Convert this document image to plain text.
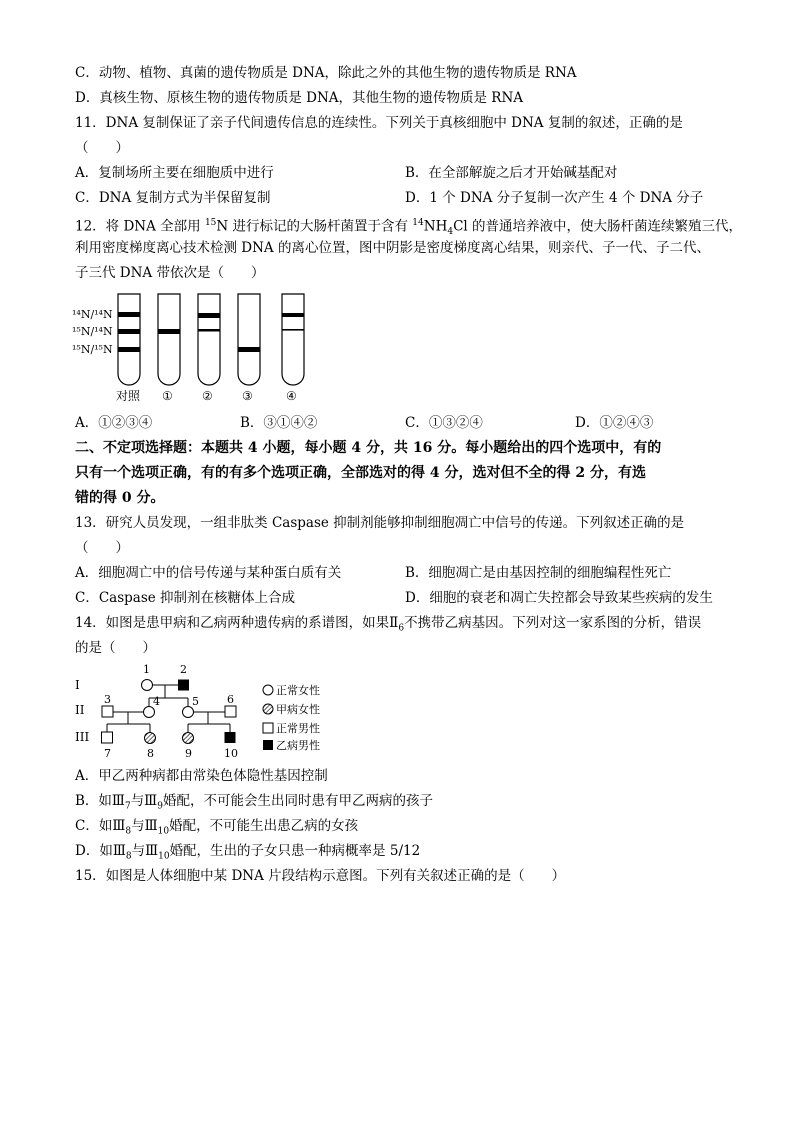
C．动物、植物、真菌的遗传物质是 DNA，除此之外的其他生物的遗传物质是 RNA
D．真核生物、原核生物的遗传物质是 DNA，其他生物的遗传物质是 RNA
11．DNA 复制保证了亲子代间遗传信息的连续性。下列关于真核细胞中 DNA 复制的叙述，正确的是
（　　）
A．复制场所主要在细胞质中进行	B．在全部解旋之后才开始碱基配对
C．DNA 复制方式为半保留复制	D．1 个 DNA 分子复制一次产生 4 个 DNA 分子
12．将 DNA 全部用 $^{15}$N 进行标记的大肠杆菌置于含有 $^{14}NH_4Cl$ 的普通培养液中，使大肠杆菌连续繁殖三代，
利用密度梯度离心技术检测 DNA 的离心位置，图中阴影是密度梯度离心结果，则亲代、子一代、子二代、
子三代 DNA 带依次是（　　）
¹⁴N/¹⁴N
¹⁵N/¹⁴N
¹⁵N/¹⁵N
对照 ① ② ③	④
A．①②③④	B．③①④②	C．①③②④	D．①②④③
二、不定项选择题：本题共 4 小题，每小题 4 分，共 16 分。每小题给出的四个选项中，有的
只有一个选项正确，有的有多个选项正确，全部选对的得 4 分，选对但不全的得 2 分，有选
错的得 0 分。
13．研究人员发现，一组非肽类 Caspase 抑制剂能够抑制细胞凋亡中信号的传递。下列叙述正确的是
（　　）
A．细胞凋亡中的信号传递与某种蛋白质有关	B．细胞凋亡是由基因控制的细胞编程性死亡
C．Caspase 抑制剂在核糖体上合成	D．细胞的衰老和凋亡失控都会导致某些疾病的发生
14．如图是患甲病和乙病两种遗传病的系谱图，如果$Ⅱ_6$不携带乙病基因。下列对这一家系图的分析，错误
的是（　　）
I
II
III
1	2
3	4	5	6
7	8	9	10
正常女性
甲病女性
正常男性
乙病男性
A．甲乙两种病都由常染色体隐性基因控制
B．如$Ⅲ_7$与$Ⅲ_9$婚配，不可能会生出同时患有甲乙两病的孩子
C．如$Ⅲ_8$与$Ⅲ_{10}$婚配，不可能生出患乙病的女孩
D．如$Ⅲ_8$与$Ⅲ_{10}$婚配，生出的子女只患一种病概率是 5/12
15．如图是人体细胞中某 DNA 片段结构示意图。下列有关叙述正确的是（　　）
